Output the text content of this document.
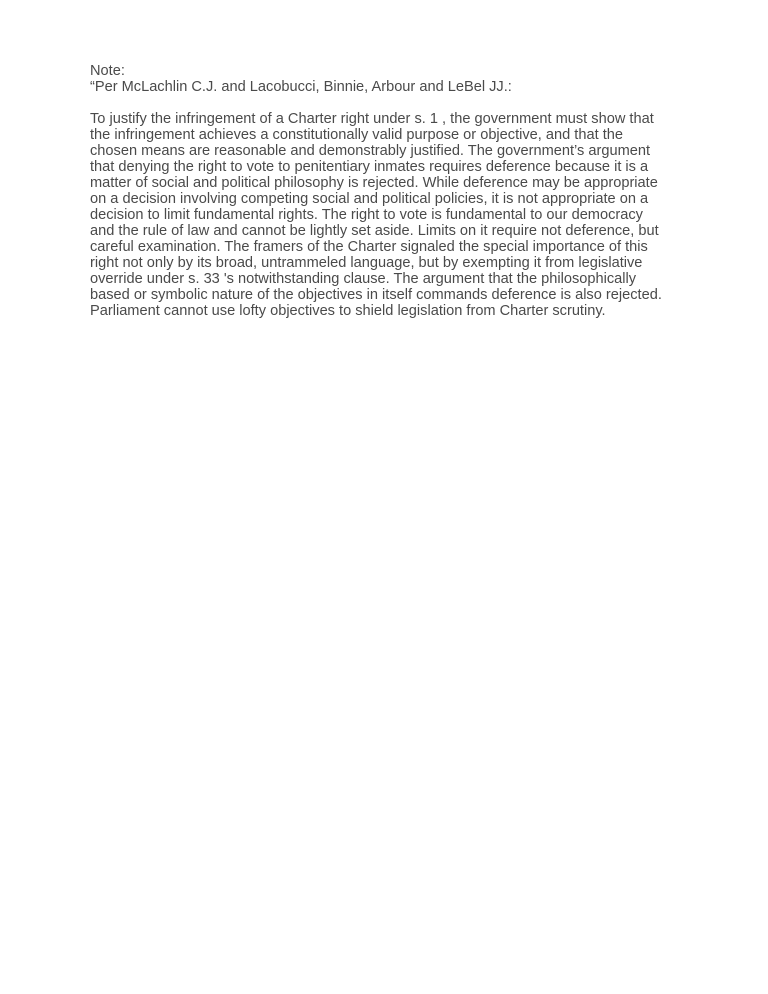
Note:
“Per McLachlin C.J. and Lacobucci, Binnie, Arbour and LeBel JJ.:
To justify the infringement of a Charter right under s. 1 , the government must show that
the infringement achieves a constitutionally valid purpose or objective, and that the
chosen means are reasonable and demonstrably justified. The government’s argument
that denying the right to vote to penitentiary inmates requires deference because it is a
matter of social and political philosophy is rejected. While deference may be appropriate
on a decision involving competing social and political policies, it is not appropriate on a
decision to limit fundamental rights. The right to vote is fundamental to our democracy
and the rule of law and cannot be lightly set aside. Limits on it require not deference, but
careful examination. The framers of the Charter signaled the special importance of this
right not only by its broad, untrammeled language, but by exempting it from legislative
override under s. 33 's notwithstanding clause. The argument that the philosophically
based or symbolic nature of the objectives in itself commands deference is also rejected.
Parliament cannot use lofty objectives to shield legislation from Charter scrutiny.
